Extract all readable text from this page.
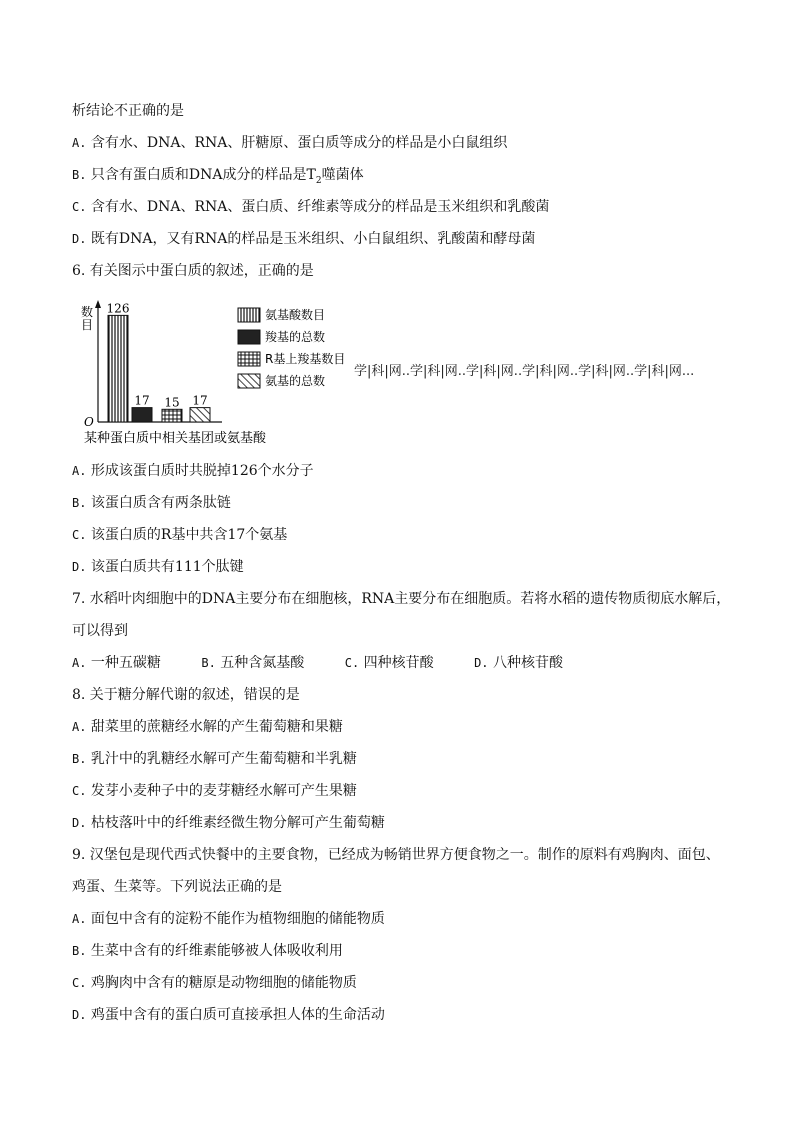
析结论不正确的是
A. 含有水、DNA、RNA、肝糖原、蛋白质等成分的样品是小白鼠组织
B. 只含有蛋白质和DNA成分的样品是$T_2$噬菌体
C. 含有水、DNA、RNA、蛋白质、纤维素等成分的样品是玉米组织和乳酸菌
D. 既有DNA，又有RNA的样品是玉米组织、小白鼠组织、乳酸菌和酵母菌
6. 有关图示中蛋白质的叙述，正确的是
数
目
O
某种蛋白质中相关基团或氨基酸
126
17 15 17
氨基酸数目
羧基的总数
R基上羧基数目
氨基的总数
学|科|网..学|科|网..学|科|网..学|科|网..学|科|网..学|科|网...
A. 形成该蛋白质时共脱掉126个水分子
B. 该蛋白质含有两条肽链
C. 该蛋白质的R基中共含17个氨基
D. 该蛋白质共有111个肽键
7. 水稻叶肉细胞中的DNA主要分布在细胞核，RNA主要分布在细胞质。若将水稻的遗传物质彻底水解后，
可以得到
A. 一种五碳糖	B. 五种含氮基酸	C. 四种核苷酸	D. 八种核苷酸
8. 关于糖分解代谢的叙述，错误的是
A. 甜菜里的蔗糖经水解的产生葡萄糖和果糖
B. 乳汁中的乳糖经水解可产生葡萄糖和半乳糖
C. 发芽小麦种子中的麦芽糖经水解可产生果糖
D. 枯枝落叶中的纤维素经微生物分解可产生葡萄糖
9. 汉堡包是现代西式快餐中的主要食物，已经成为畅销世界方便食物之一。制作的原料有鸡胸肉、面包、
鸡蛋、生菜等。下列说法正确的是
A. 面包中含有的淀粉不能作为植物细胞的储能物质
B. 生菜中含有的纤维素能够被人体吸收利用
C. 鸡胸肉中含有的糖原是动物细胞的储能物质
D. 鸡蛋中含有的蛋白质可直接承担人体的生命活动
